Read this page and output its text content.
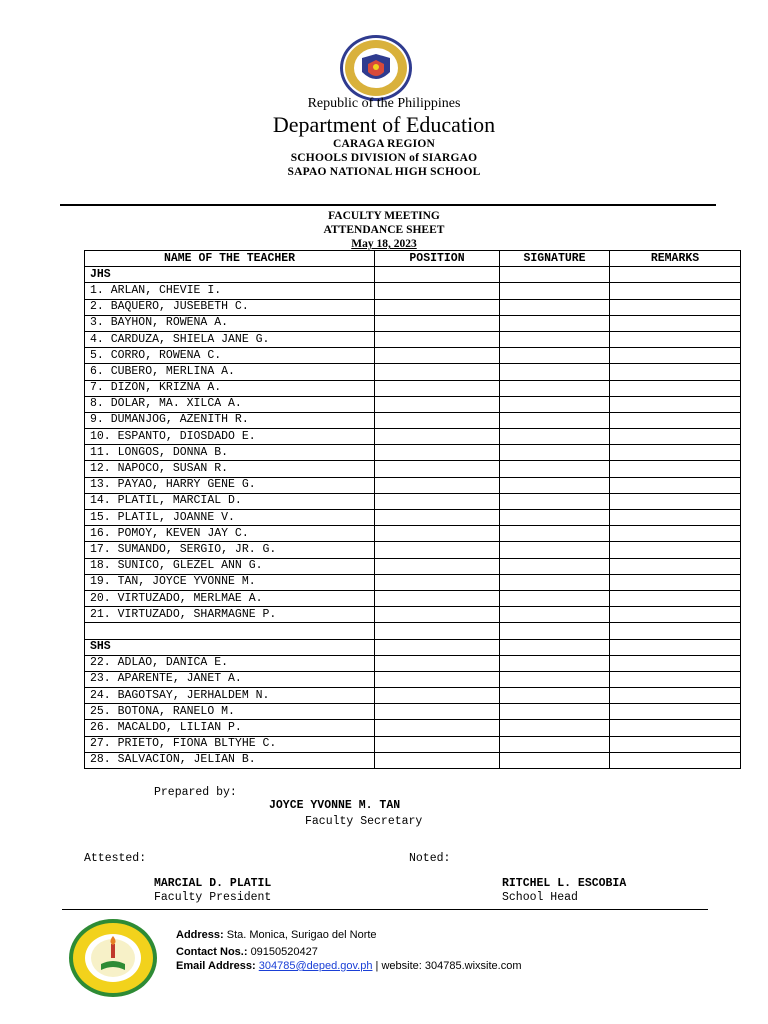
Republic of the Philippines
Department of Education
CARAGA REGION
SCHOOLS DIVISION of SIARGAO
SAPAO NATIONAL HIGH SCHOOL
FACULTY MEETING
ATTENDANCE SHEET
May 18, 2023
NAME OF THE TEACHER	POSITION	SIGNATURE	REMARKS
JHS			
1. ARLAN, CHEVIE I.			
2. BAQUERO, JUSEBETH C.			
3. BAYHON, ROWENA A.			
4. CARDUZA, SHIELA JANE G.			
5. CORRO, ROWENA C.			
6. CUBERO, MERLINA A.			
7. DIZON, KRIZNA A.			
8. DOLAR, MA. XILCA A.			
9. DUMANJOG, AZENITH R.			
10. ESPANTO, DIOSDADO E.			
11. LONGOS, DONNA B.			
12. NAPOCO, SUSAN R.			
13. PAYAO, HARRY GENE G.			
14. PLATIL, MARCIAL D.			
15. PLATIL, JOANNE V.			
16. POMOY, KEVEN JAY C.			
17. SUMANDO, SERGIO, JR. G.			
18. SUNICO, GLEZEL ANN G.			
19. TAN, JOYCE YVONNE M.			
20. VIRTUZADO, MERLMAE A.			
21. VIRTUZADO, SHARMAGNE P.			

SHS			
22. ADLAO, DANICA E.			
23. APARENTE, JANET A.			
24. BAGOTSAY, JERHALDEM N.			
25. BOTONA, RANELO M.			
26. MACALDO, LILIAN P.			
27. PRIETO, FIONA BLTYHE C.			
28. SALVACION, JELIAN B.			
Prepared by:
JOYCE YVONNE M. TAN
Faculty Secretary
Attested:	Noted:
MARCIAL D. PLATIL
Faculty President
RITCHEL L. ESCOBIA
School Head
Address: Sta. Monica, Surigao del Norte
Contact Nos.: 09150520427
Email Address: 304785@deped.gov.ph | website: 304785.wixsite.com
